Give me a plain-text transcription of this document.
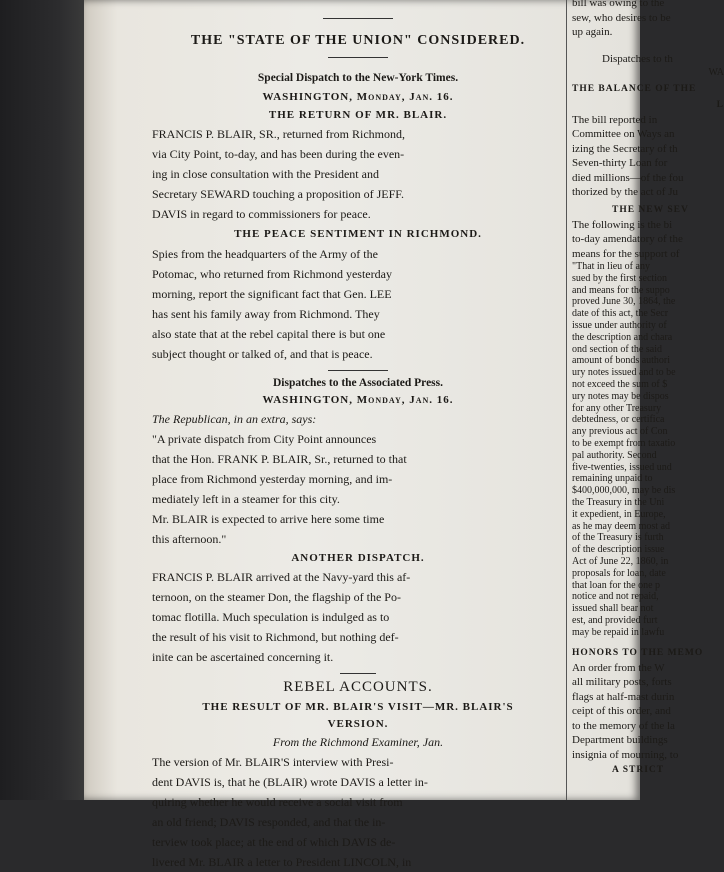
THE "STATE OF THE UNION" CONSIDERED.
Special Dispatch to the New-York Times.
WASHINGTON, Monday, Jan. 16.
THE RETURN OF MR. BLAIR.
FRANCIS P. BLAIR, SR., returned from Richmond,
via City Point, to-day, and has been during the even-
ing in close consultation with the President and
Secretary SEWARD touching a proposition of JEFF.
DAVIS in regard to commissioners for peace.
THE PEACE SENTIMENT IN RICHMOND.
Spies from the headquarters of the Army of the
Potomac, who returned from Richmond yesterday
morning, report the significant fact that Gen. LEE
has sent his family away from Richmond. They
also state that at the rebel capital there is but one
subject thought or talked of, and that is peace.
Dispatches to the Associated Press.
WASHINGTON, Monday, Jan. 16.
The Republican, in an extra, says:
"A private dispatch from City Point announces
that the Hon. FRANK P. BLAIR, Sr., returned to that
place from Richmond yesterday morning, and im-
mediately left in a steamer for this city.
Mr. BLAIR is expected to arrive here some time
this afternoon."
ANOTHER DISPATCH.
FRANCIS P. BLAIR arrived at the Navy-yard this af-
ternoon, on the steamer Don, the flagship of the Po-
tomac flotilla. Much speculation is indulged as to
the result of his visit to Richmond, but nothing def-
inite can be ascertained concerning it.
REBEL ACCOUNTS.
THE RESULT OF MR. BLAIR'S VISIT—MR. BLAIR'S
VERSION.
From the Richmond Examiner, Jan.
The version of Mr. BLAIR'S interview with Presi-
dent DAVIS is, that he (BLAIR) wrote DAVIS a letter in-
quiring whether he would receive a social visit from
an old friend; DAVIS responded, and that the in-
terview took place; at the end of which DAVIS de-
livered Mr. BLAIR a letter to President LINCOLN, in
bill was owing to the
sew, who desires to be
up again.
Dispatches to th
WA
THE BALANCE OF THE
L
The bill reported in
Committee on Ways an
izing the Secretary of th
Seven-thirty Loan for
died millions—of the fou
thorized by the act of Ju
THE NEW SEV
The following is the bi
to-day amendatory of the
means for the support of
"That in lieu of any
sued by the first section
and means for the suppo
proved June 30, 1864, the
date of this act, the Secr
issue under authority of
the description and chara
ond section of the said
amount of bonds authori
ury notes issued and to be
not exceed the sum of $
ury notes may be dispos
for any other Treasury
debtedness, or certifica
any previous act of Con
to be exempt from taxatio
pal authority. Second
five-twenties, issued und
remaining unpaid to
$400,000,000, may be dis
the Treasury in the Uni
it expedient, in Europe,
as he may deem most ad
of the Treasury is furth
of the description issue
Act of June 22, 1860, in
proposals for loan, date
that loan for the one p
notice and not repaid,
issued shall bear not
est, and provided furt
may be repaid in lawfu
HONORS TO THE MEMO
An order from the W
all military posts, forts
flags at half-mast durin
ceipt of this order, and
to the memory of the la
Department buildings
insignia of mourning, to
A STRICT
